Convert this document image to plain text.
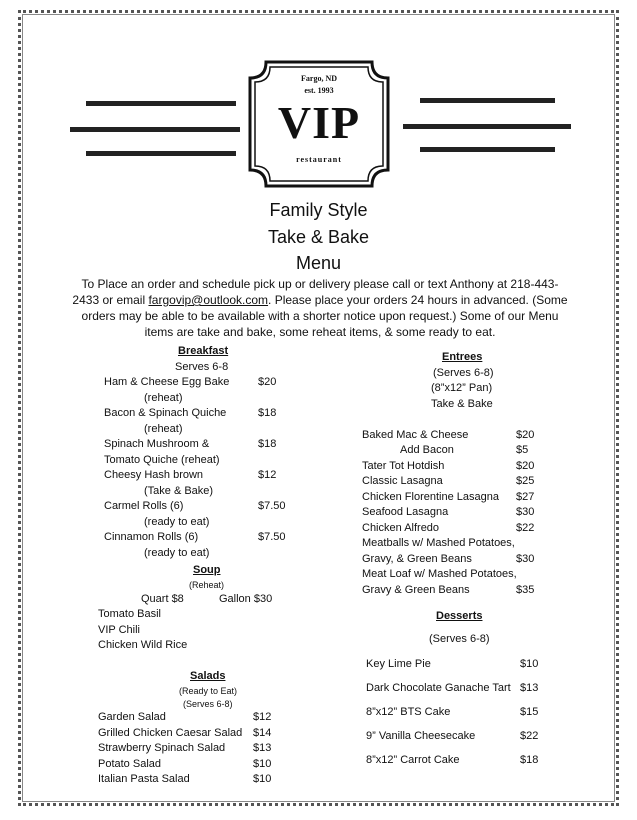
Fargo, ND
est. 1993
VIP
restaurant
Family Style
Take & Bake
Menu
To Place an order and schedule pick up or delivery please call or text Anthony at 218-443-2433 or email fargovip@outlook.com. Please place your orders 24 hours in advanced. (Some orders may be able to be available with a shorter notice upon request.) Some of our Menu items are take and bake, some reheat items, & some ready to eat.
Breakfast
Serves 6-8
Ham & Cheese Egg Bake	$20
(reheat)
Bacon & Spinach Quiche	$18
(reheat)
Spinach Mushroom &	$18
Tomato Quiche (reheat)
Cheesy Hash brown	$12
(Take & Bake)
Carmel Rolls (6)	$7.50
(ready to eat)
Cinnamon Rolls (6)	$7.50
(ready to eat)
Soup
(Reheat)
Quart $8	Gallon $30
Tomato Basil
VIP Chili
Chicken Wild Rice
Salads
(Ready to Eat)
(Serves 6-8)
Garden Salad	$12
Grilled Chicken Caesar Salad $14
Strawberry Spinach Salad	$13
Potato Salad	$10
Italian Pasta Salad	$10
Entrees
(Serves 6-8)
(8”x12” Pan)
Take & Bake
Baked Mac & Cheese	$20
Add Bacon	$5
Tater Tot Hotdish	$20
Classic Lasagna	$25
Chicken Florentine Lasagna $27
Seafood Lasagna	$30
Chicken Alfredo	$22
Meatballs w/ Mashed Potatoes,
Gravy, & Green Beans	$30
Meat Loaf w/ Mashed Potatoes,
Gravy & Green Beans	$35
Desserts
(Serves 6-8)
Key Lime Pie	$10
Dark Chocolate Ganache Tart $13
8”x12” BTS Cake	$15
9” Vanilla Cheesecake	$22
8”x12” Carrot Cake	$18
